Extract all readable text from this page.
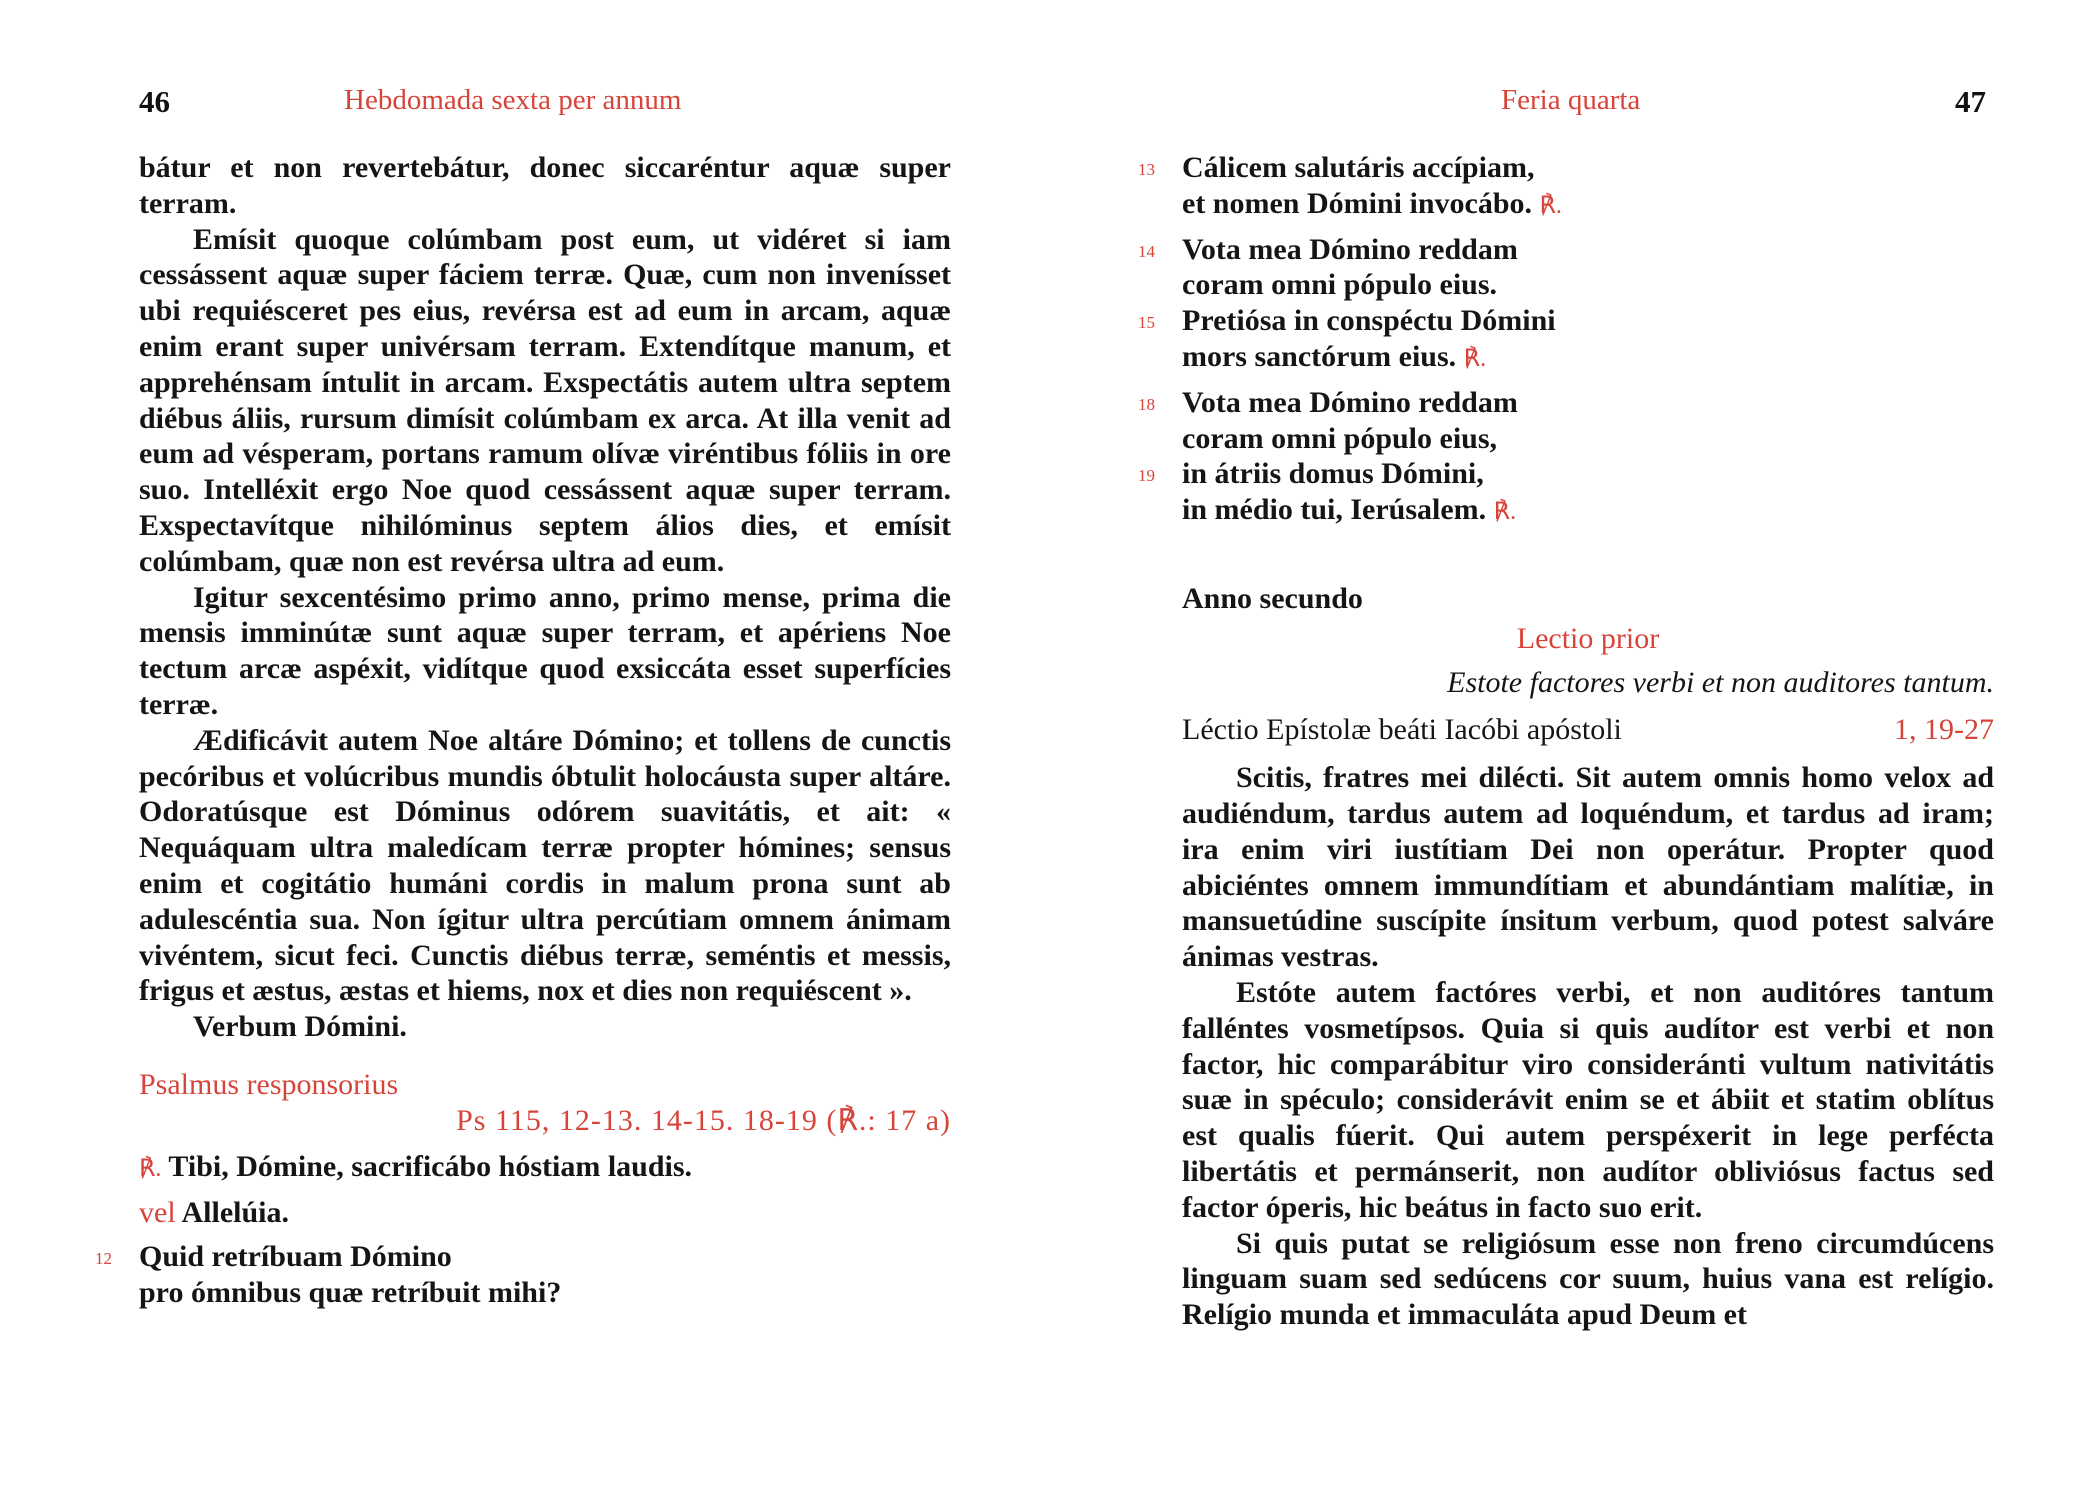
46	Hebdomada sexta per annum

bátur et non revertebátur, donec siccaréntur aquæ super terram.

Emísit quoque colúmbam post eum, ut vidéret si iam cessássent aquæ super fáciem terræ. Quæ, cum non invenísset ubi requiésceret pes eius, revérsa est ad eum in arcam, aquæ enim erant super univérsam terram. Extendítque manum, et apprehénsam íntulit in arcam. Exspectátis autem ultra septem diébus áliis, rursum dimísit colúmbam ex arca. At illa venit ad eum ad vésperam, portans ramum olívæ viréntibus fóliis in ore suo. Intelléxit ergo Noe quod cessássent aquæ super terram. Exspectavítque nihilóminus septem álios dies, et emísit colúmbam, quæ non est revérsa ultra ad eum.

Igitur sexcentésimo primo anno, primo mense, prima die mensis imminútæ sunt aquæ super terram, et apériens Noe tectum arcæ aspéxit, vidítque quod exsiccáta esset superfícies terræ.

Ædificávit autem Noe altáre Dómino; et tollens de cunctis pecóribus et volúcribus mundis óbtulit holocáusta super altáre. Odoratúsque est Dóminus odórem suavitátis, et ait: « Nequáquam ultra maledícam terræ propter hómines; sensus enim et cogitátio humáni cordis in malum prona sunt ab adulescéntia sua. Non ígitur ultra percútiam omnem ánimam vivéntem, sicut feci. Cunctis diébus terræ, seméntis et messis, frigus et æstus, æstas et hiems, nox et dies non requiéscent ».

Verbum Dómini.

Psalmus responsorius
Ps 115, 12-13. 14-15. 18-19 (℟.: 17 a)
℟. Tibi, Dómine, sacrificábo hóstiam laudis.
vel Allelúia.
12 Quid retríbuam Dómino
pro ómnibus quæ retríbuit mihi?
Feria quarta	47
13 Cálicem salutáris accípiam,
et nomen Dómini invocábo. ℟.
14 Vota mea Dómino reddam
coram omni pópulo eius.
15 Pretiósa in conspéctu Dómini
mors sanctórum eius. ℟.
18 Vota mea Dómino reddam
coram omni pópulo eius,
19 in átriis domus Dómini,
in médio tui, Ierúsalem. ℟.
Anno secundo
Lectio prior
Estote factores verbi et non auditores tantum.
Léctio Epístolæ beáti Iacóbi apóstoli	1, 19-27

Scitis, fratres mei dilécti. Sit autem omnis homo velox ad audiéndum, tardus autem ad loquéndum, et tardus ad iram; ira enim viri iustítiam Dei non operátur. Propter quod abiciéntes omnem immundítiam et abundántiam malítiæ, in mansuetúdine suscípite ínsitum verbum, quod potest salváre ánimas vestras.

Estóte autem factóres verbi, et non auditóres tantum falléntes vosmetípsos. Quia si quis audítor est verbi et non factor, hic comparábitur viro consideránti vultum nativitátis suæ in spéculo; considerávit enim se et ábiit et statim oblítus est qualis fúerit. Qui autem perspéxerit in lege perfécta libertátis et permánserit, non audítor obliviósus factus sed factor óperis, hic beátus in facto suo erit.

Si quis putat se religiósum esse non freno circumdúcens linguam suam sed sedúcens cor suum, huius vana est relígio. Relígio munda et immaculáta apud Deum et
